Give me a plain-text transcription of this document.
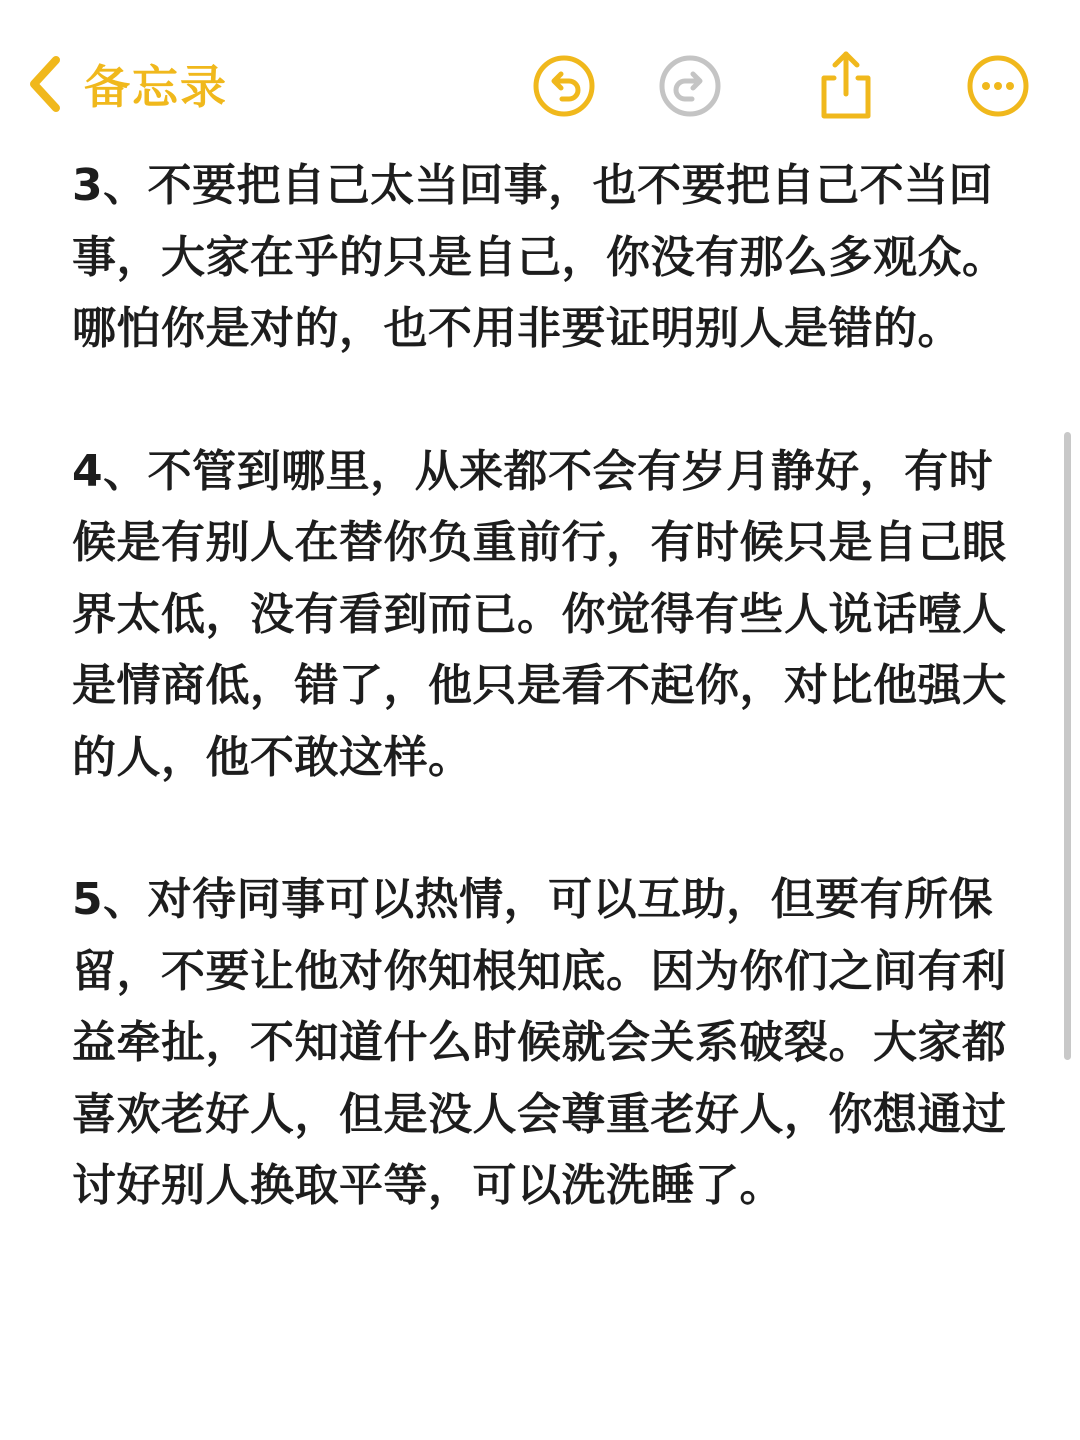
备忘录

3、不要把自己太当回事，也不要把自己不当回事，大家在乎的只是自己，你没有那么多观众。哪怕你是对的，也不用非要证明别人是错的。

4、不管到哪里，从来都不会有岁月静好，有时候是有别人在替你负重前行，有时候只是自己眼界太低，没有看到而已。你觉得有些人说话噎人是情商低，错了，他只是看不起你，对比他强大的人，他不敢这样。

5、对待同事可以热情，可以互助，但要有所保留，不要让他对你知根知底。因为你们之间有利益牵扯，不知道什么时候就会关系破裂。大家都喜欢老好人，但是没人会尊重老好人，你想通过讨好别人换取平等，可以洗洗睡了。
